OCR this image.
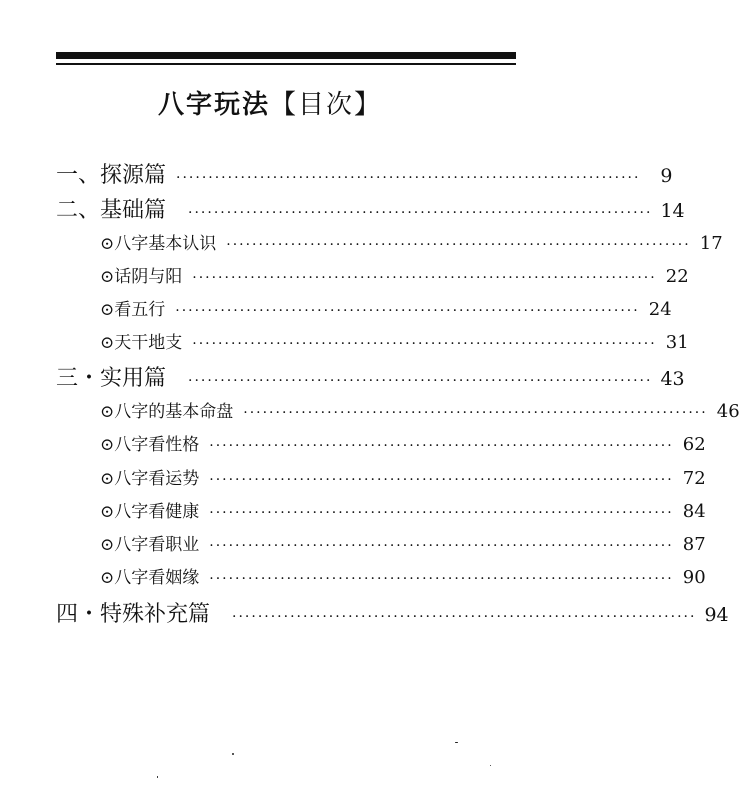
八字玩法【目次】
一、探源篇 ········································································	9
二、基础篇 ········································································ 14
⊙八字基本认识 ········································································ 17
⊙话阴与阳 ········································································ 22
⊙看五行 ········································································ 24
⊙天干地支 ········································································ 31
三・实用篇 ········································································ 43
⊙八字的基本命盘 ········································································ 46
⊙八字看性格 ········································································ 62
⊙八字看运势 ········································································ 72
⊙八字看健康 ········································································ 84
⊙八字看职业 ········································································ 87
⊙八字看姻缘 ········································································ 90
四・特殊补充篇 ········································································ 94
